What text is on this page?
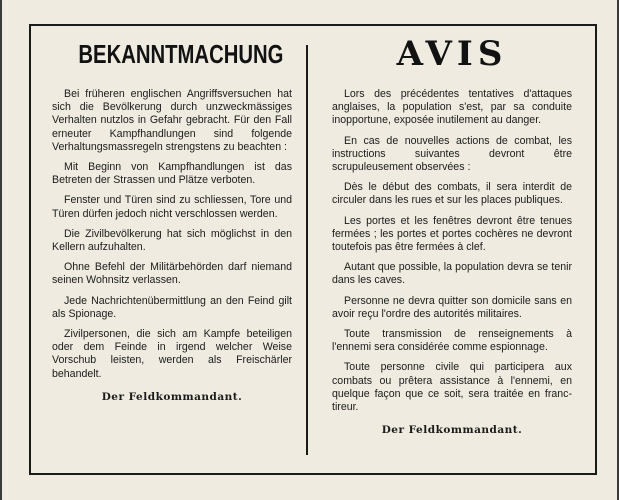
BEKANNTMACHUNG

Bei früheren englischen Angriffsversuchen hat sich die Bevölkerung durch unzweckmässiges Verhalten nutzlos in Gefahr gebracht. Für den Fall erneuter Kampfhandlungen sind folgende Verhaltungsmassregeln strengstens zu beachten :

Mit Beginn von Kampfhandlungen ist das Betreten der Strassen und Plätze verboten.

Fenster und Türen sind zu schliessen, Tore und Türen dürfen jedoch nicht verschlossen werden.

Die Zivilbevölkerung hat sich möglichst in den Kellern aufzuhalten.

Ohne Befehl der Militärbehörden darf niemand seinen Wohnsitz verlassen.

Jede Nachrichtenübermittlung an den Feind gilt als Spionage.

Zivilpersonen, die sich am Kampfe beteiligen oder dem Feinde in irgend welcher Weise Vorschub leisten, werden als Freischärler behandelt.

Der Feldkommandant.
AVIS

Lors des précédentes tentatives d'attaques anglaises, la population s'est, par sa conduite inopportune, exposée inutilement au danger.

En cas de nouvelles actions de combat, les instructions suivantes devront être scrupuleusement observées :

Dès le début des combats, il sera interdit de circuler dans les rues et sur les places publiques.

Les portes et les fenêtres devront être tenues fermées ; les portes et portes cochères ne devront toutefois pas être fermées à clef.

Autant que possible, la population devra se tenir dans les caves.

Personne ne devra quitter son domicile sans en avoir reçu l'ordre des autorités militaires.

Toute transmission de renseignements à l'ennemi sera considérée comme espionnage.

Toute personne civile qui participera aux combats ou prêtera assistance à l'ennemi, en quelque façon que ce soit, sera traitée en franc-tireur.

Der Feldkommandant.
